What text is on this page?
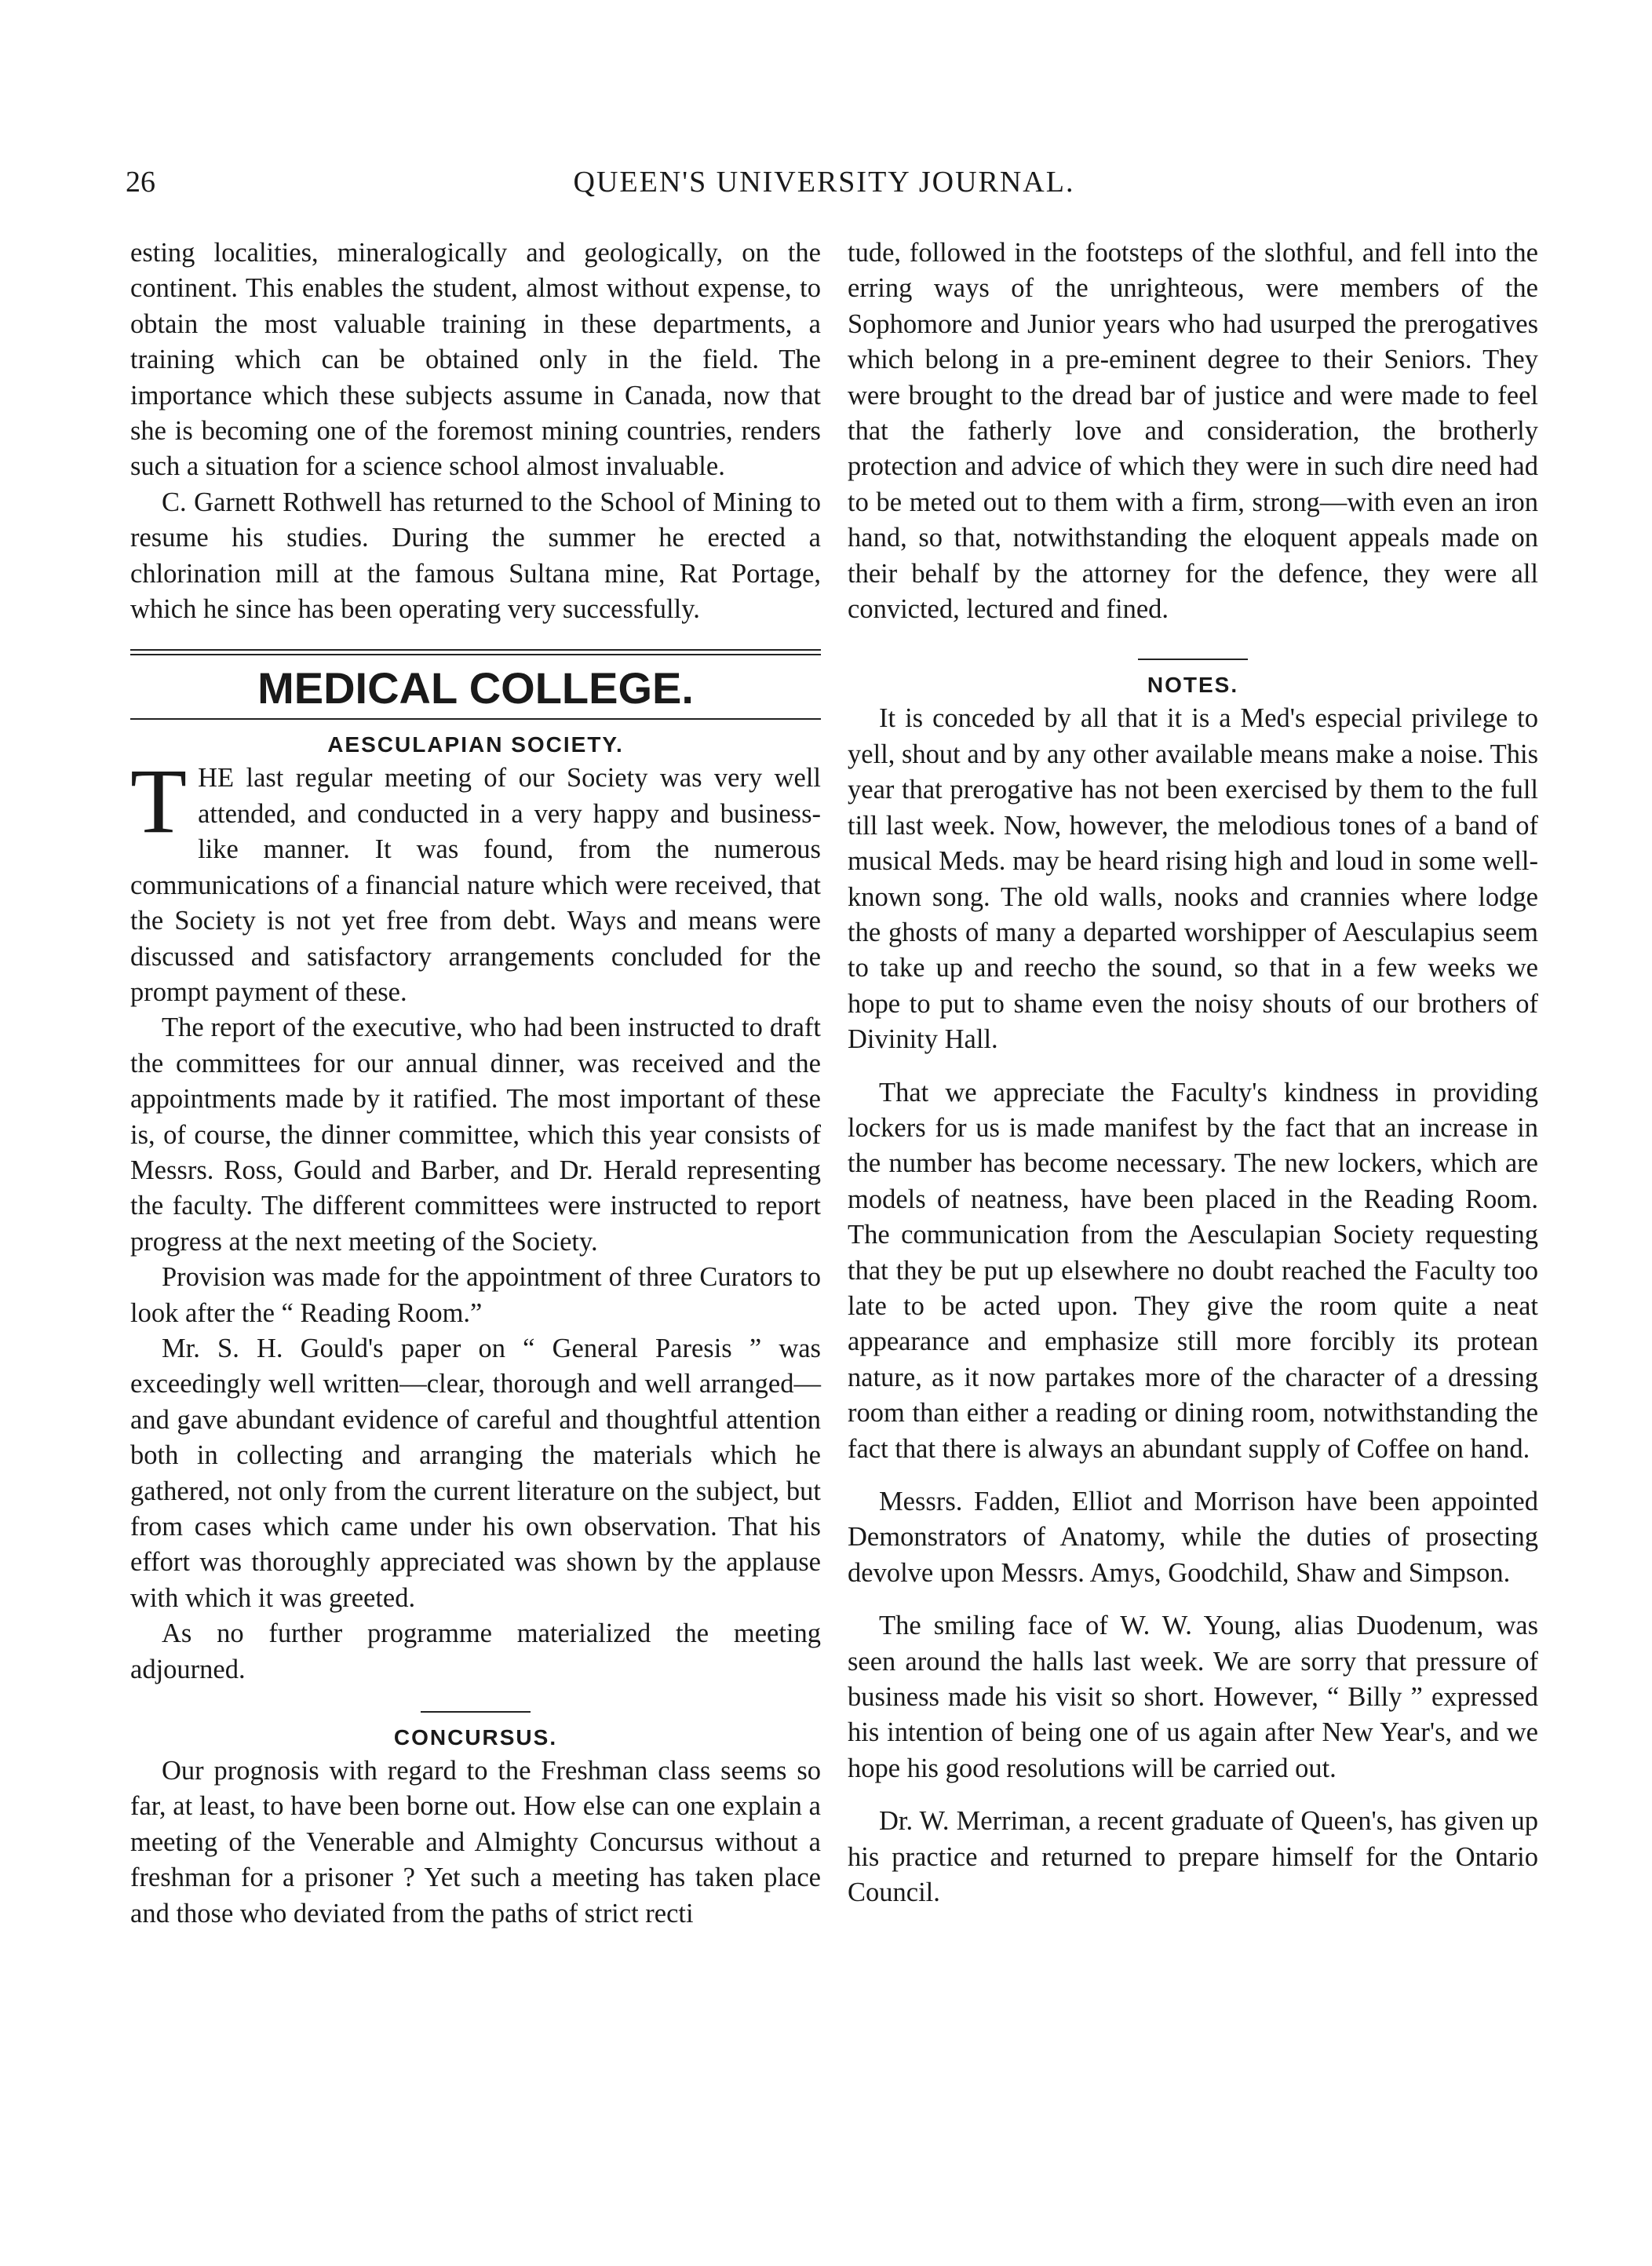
26	QUEEN'S UNIVERSITY JOURNAL.

esting localities, mineralogically and geologically, on the continent. This enables the student, almost without expense, to obtain the most valuable training in these departments, a training which can be obtained only in the field. The importance which these subjects assume in Canada, now that she is becoming one of the foremost mining countries, renders such a situation for a science school almost invaluable.

C. Garnett Rothwell has returned to the School of Mining to resume his studies. During the summer he erected a chlorination mill at the famous Sultana mine, Rat Portage, which he since has been operating very successfully.

MEDICAL COLLEGE.
AESCULAPIAN SOCIETY.
T HE last regular meeting of our Society was very well attended, and conducted in a very happy and business-like manner. It was found, from the numerous communications of a financial nature which were received, that the Society is not yet free from debt. Ways and means were discussed and satisfactory arrangements concluded for the prompt payment of these.

The report of the executive, who had been instructed to draft the committees for our annual dinner, was received and the appointments made by it ratified. The most important of these is, of course, the dinner committee, which this year consists of Messrs. Ross, Gould and Barber, and Dr. Herald representing the faculty. The different committees were instructed to report progress at the next meeting of the Society.

Provision was made for the appointment of three Curators to look after the “ Reading Room.”

Mr. S. H. Gould's paper on “ General Paresis ” was exceedingly well written—clear, thorough and well arranged—and gave abundant evidence of careful and thoughtful attention both in collecting and arranging the materials which he gathered, not only from the current literature on the subject, but from cases which came under his own observation. That his effort was thoroughly appreciated was shown by the applause with which it was greeted.

As no further programme materialized the meeting adjourned.

CONCURSUS.

Our prognosis with regard to the Freshman class seems so far, at least, to have been borne out. How else can one explain a meeting of the Venerable and Almighty Concursus without a freshman for a prisoner ? Yet such a meeting has taken place and those who deviated from the paths of strict recti

tude, followed in the footsteps of the slothful, and fell into the erring ways of the unrighteous, were members of the Sophomore and Junior years who had usurped the prerogatives which belong in a pre-eminent degree to their Seniors. They were brought to the dread bar of justice and were made to feel that the fatherly love and consideration, the brotherly protection and advice of which they were in such dire need had to be meted out to them with a firm, strong—with even an iron hand, so that, notwithstanding the eloquent appeals made on their behalf by the attorney for the defence, they were all convicted, lectured and fined.

NOTES.

It is conceded by all that it is a Med's especial privilege to yell, shout and by any other available means make a noise. This year that prerogative has not been exercised by them to the full till last week. Now, however, the melodious tones of a band of musical Meds. may be heard rising high and loud in some well-known song. The old walls, nooks and crannies where lodge the ghosts of many a departed worshipper of Aesculapius seem to take up and reecho the sound, so that in a few weeks we hope to put to shame even the noisy shouts of our brothers of Divinity Hall.

That we appreciate the Faculty's kindness in providing lockers for us is made manifest by the fact that an increase in the number has become necessary. The new lockers, which are models of neatness, have been placed in the Reading Room. The communication from the Aesculapian Society requesting that they be put up elsewhere no doubt reached the Faculty too late to be acted upon. They give the room quite a neat appearance and emphasize still more forcibly its protean nature, as it now partakes more of the character of a dressing room than either a reading or dining room, notwithstanding the fact that there is always an abundant supply of Coffee on hand.

Messrs. Fadden, Elliot and Morrison have been appointed Demonstrators of Anatomy, while the duties of prosecting devolve upon Messrs. Amys, Goodchild, Shaw and Simpson.

The smiling face of W. W. Young, alias Duodenum, was seen around the halls last week. We are sorry that pressure of business made his visit so short. However, “ Billy ” expressed his intention of being one of us again after New Year's, and we hope his good resolutions will be carried out.

Dr. W. Merriman, a recent graduate of Queen's, has given up his practice and returned to prepare himself for the Ontario Council.
